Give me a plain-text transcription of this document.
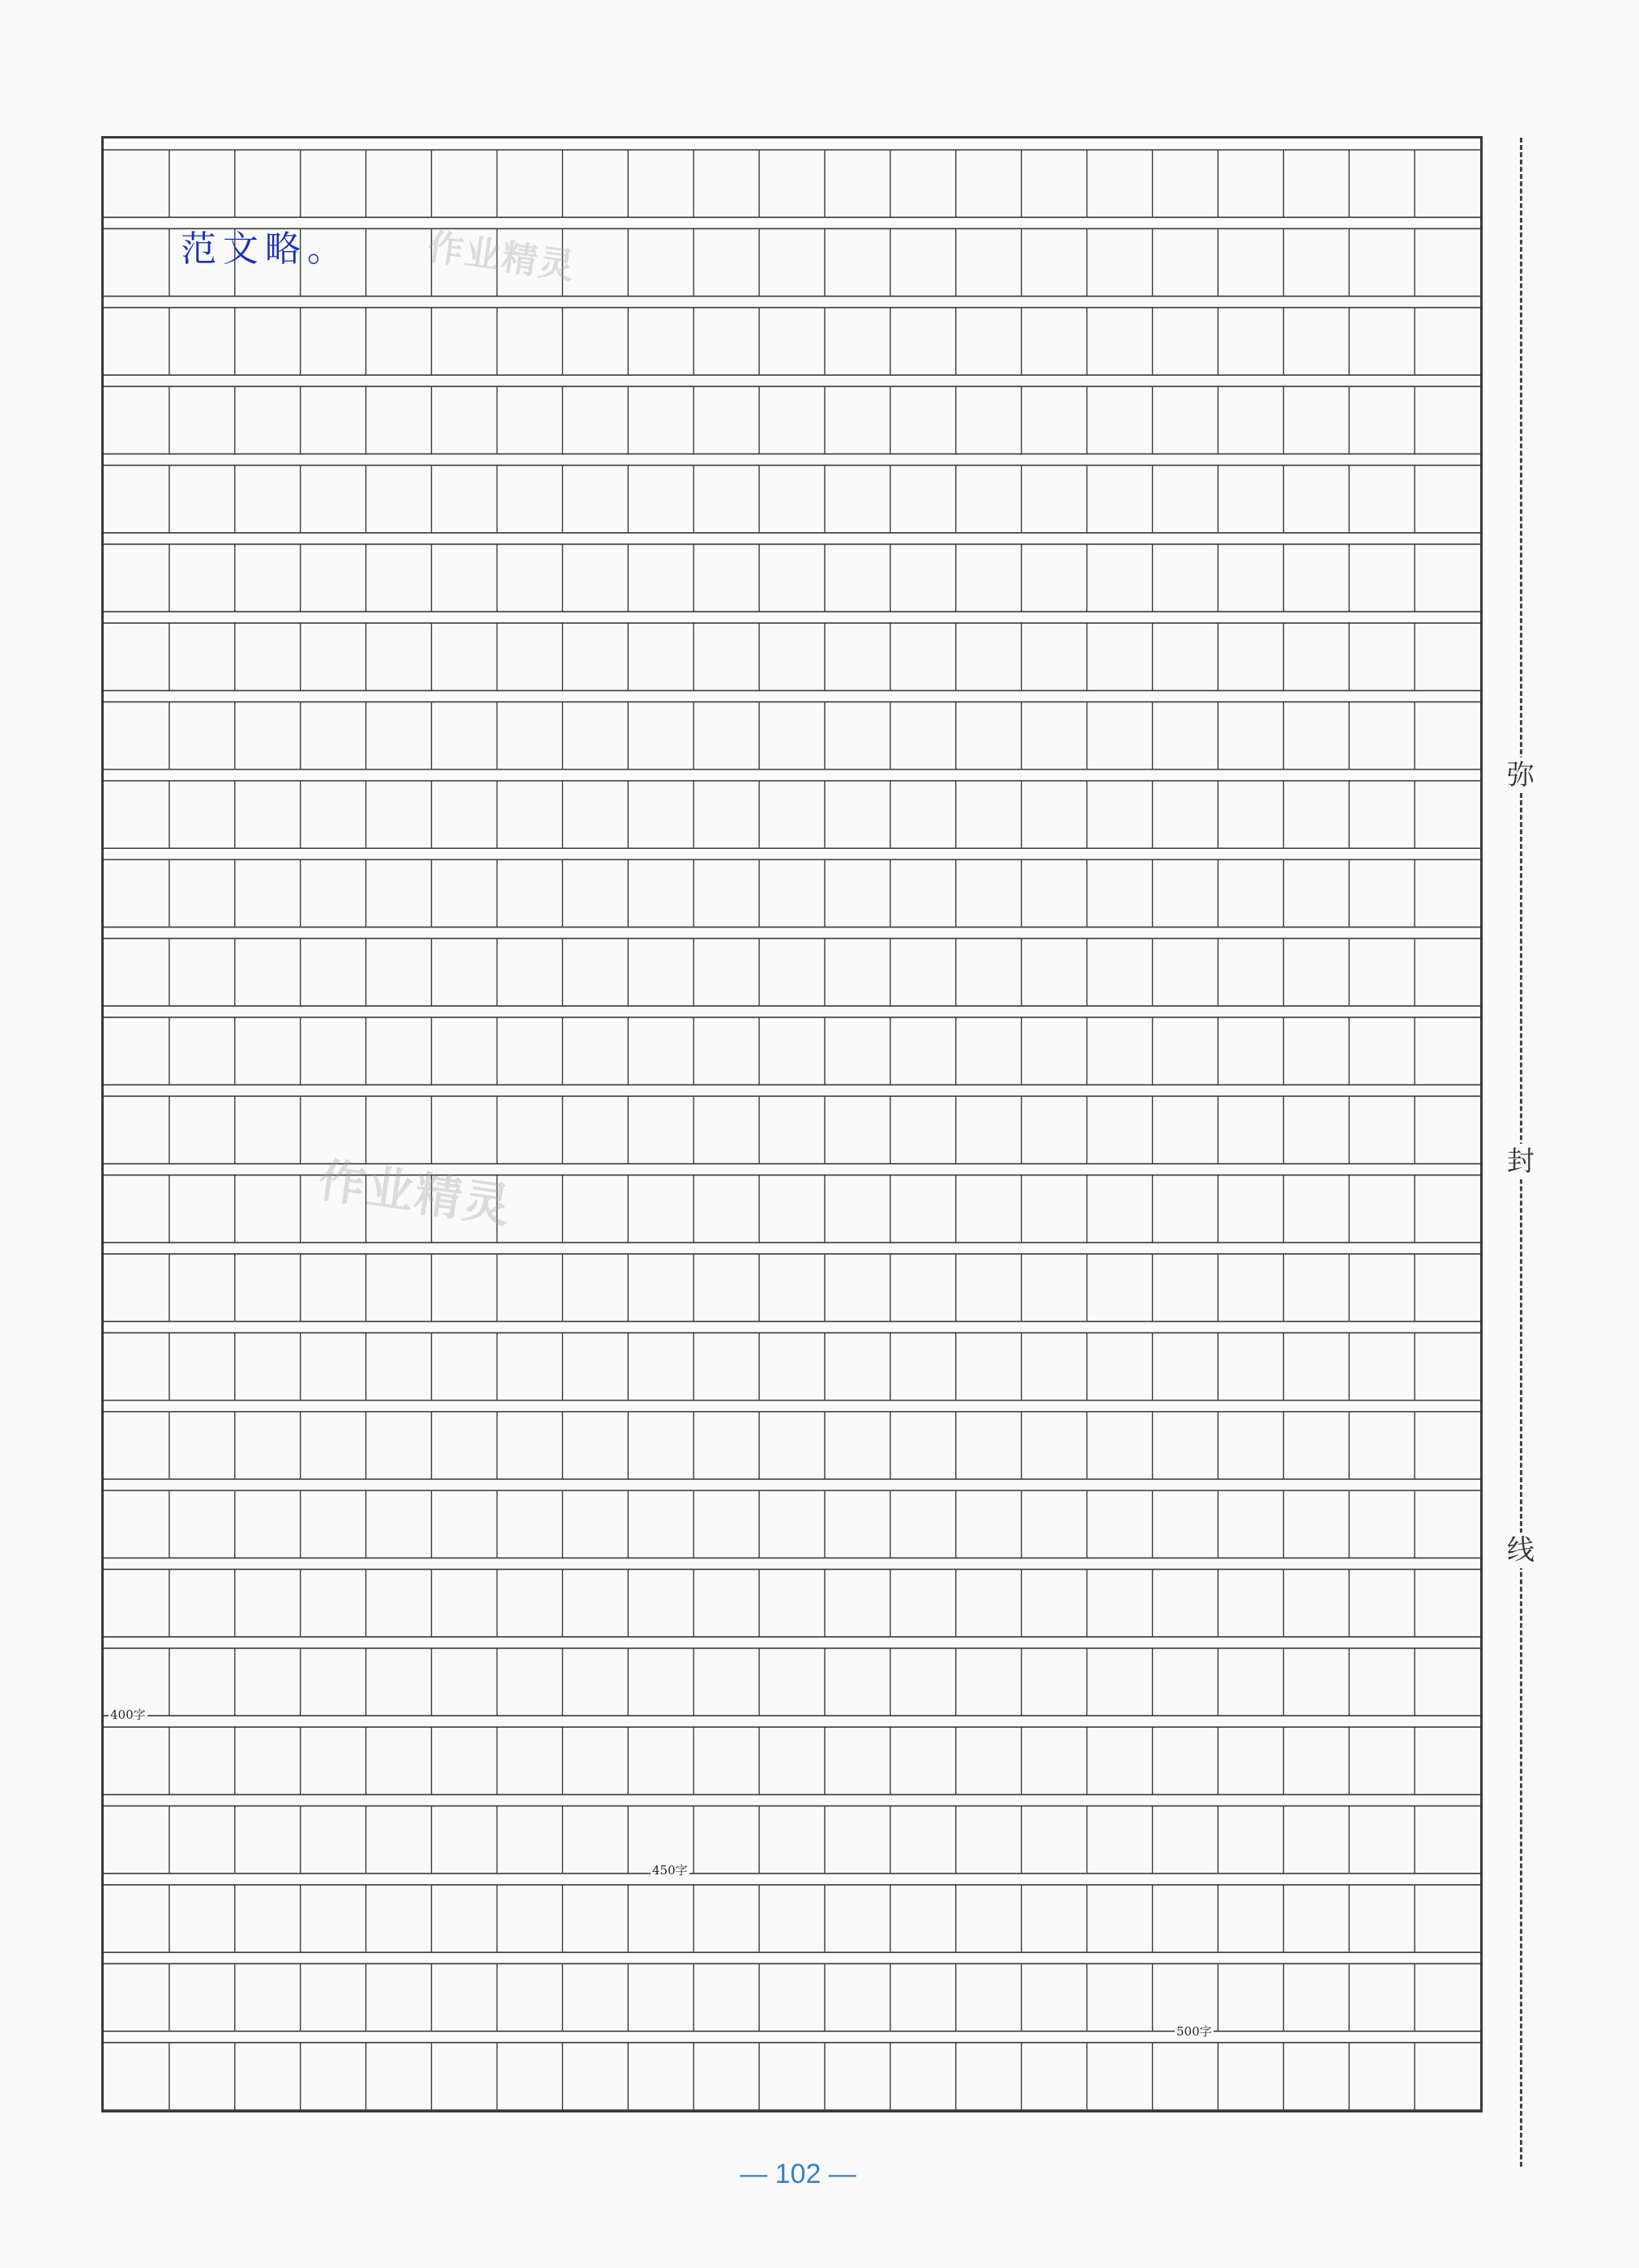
范文略。 作业精灵
作业精灵
400字
450字
500字
弥
封
线
— 102 —
